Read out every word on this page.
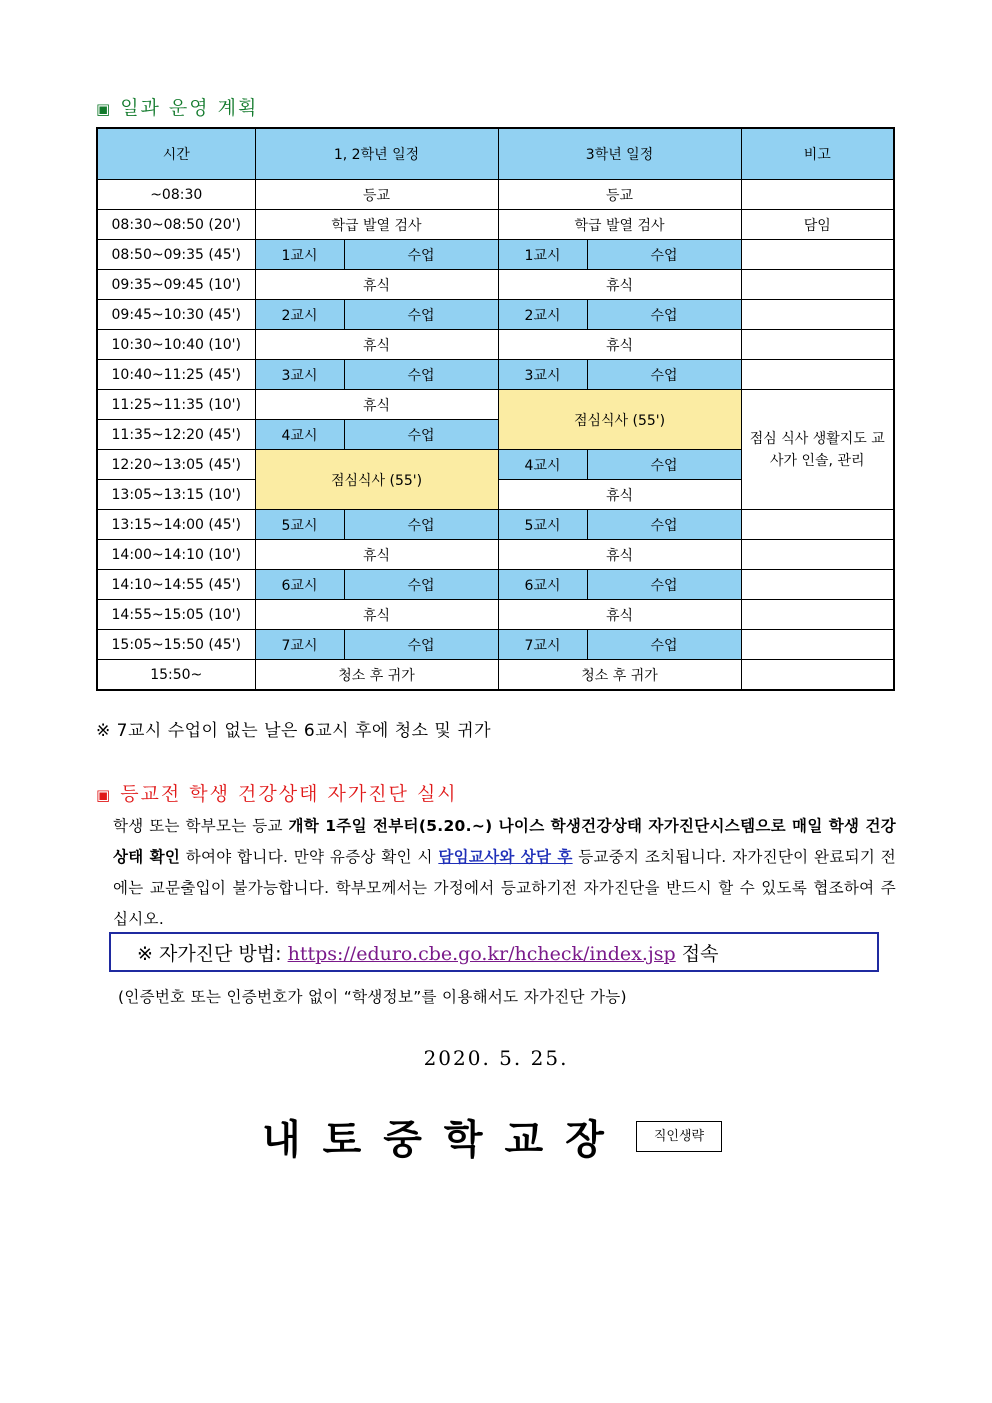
▣ 일과 운영 계획
시간	1, 2학년 일정		3학년 일정		비고
~08:30	등교		등교		
08:30~08:50 (20')	학급 발열 검사		학급 발열 검사		담임
08:50~09:35 (45')	1교시	수업	1교시	수업	
09:35~09:45 (10')	휴식		휴식		
09:45~10:30 (45')	2교시	수업	2교시	수업	
10:30~10:40 (10')	휴식		휴식		
10:40~11:25 (45')	3교시	수업	3교시	수업	
11:25~11:35 (10')	휴식		점심식사 (55')		점심 식사 생활지도 교사가 인솔, 관리
11:35~12:20 (45')	4교시	수업			
12:20~13:05 (45')	점심식사 (55')		4교시	수업	
13:05~13:15 (10')			휴식		
13:15~14:00 (45')	5교시	수업	5교시	수업	
14:00~14:10 (10')	휴식		휴식		
14:10~14:55 (45')	6교시	수업	6교시	수업	
14:55~15:05 (10')	휴식		휴식		
15:05~15:50 (45')	7교시	수업	7교시	수업	
15:50~	청소 후 귀가		청소 후 귀가		
※ 7교시 수업이 없는 날은 6교시 후에 청소 및 귀가
▣ 등교전 학생 건강상태 자가진단 실시
학생 또는 학부모는 등교 개학 1주일 전부터(5.20.~) 나이스 학생건강상태 자가진단시스템으로 매일 학생 건강상태 확인 하여야 합니다. 만약 유증상 확인 시 담임교사와 상담 후 등교중지 조치됩니다. 자가진단이 완료되기 전에는 교문출입이 불가능합니다. 학부모께서는 가정에서 등교하기전 자가진단을 반드시 할 수 있도록 협조하여 주십시오.
※ 자가진단 방법: https://eduro.cbe.go.kr/hcheck/index.jsp 접속
(인증번호 또는 인증번호가 없이 “학생정보”를 이용해서도 자가진단 가능)
2020. 5. 25.
내토중학교장	직인생략
